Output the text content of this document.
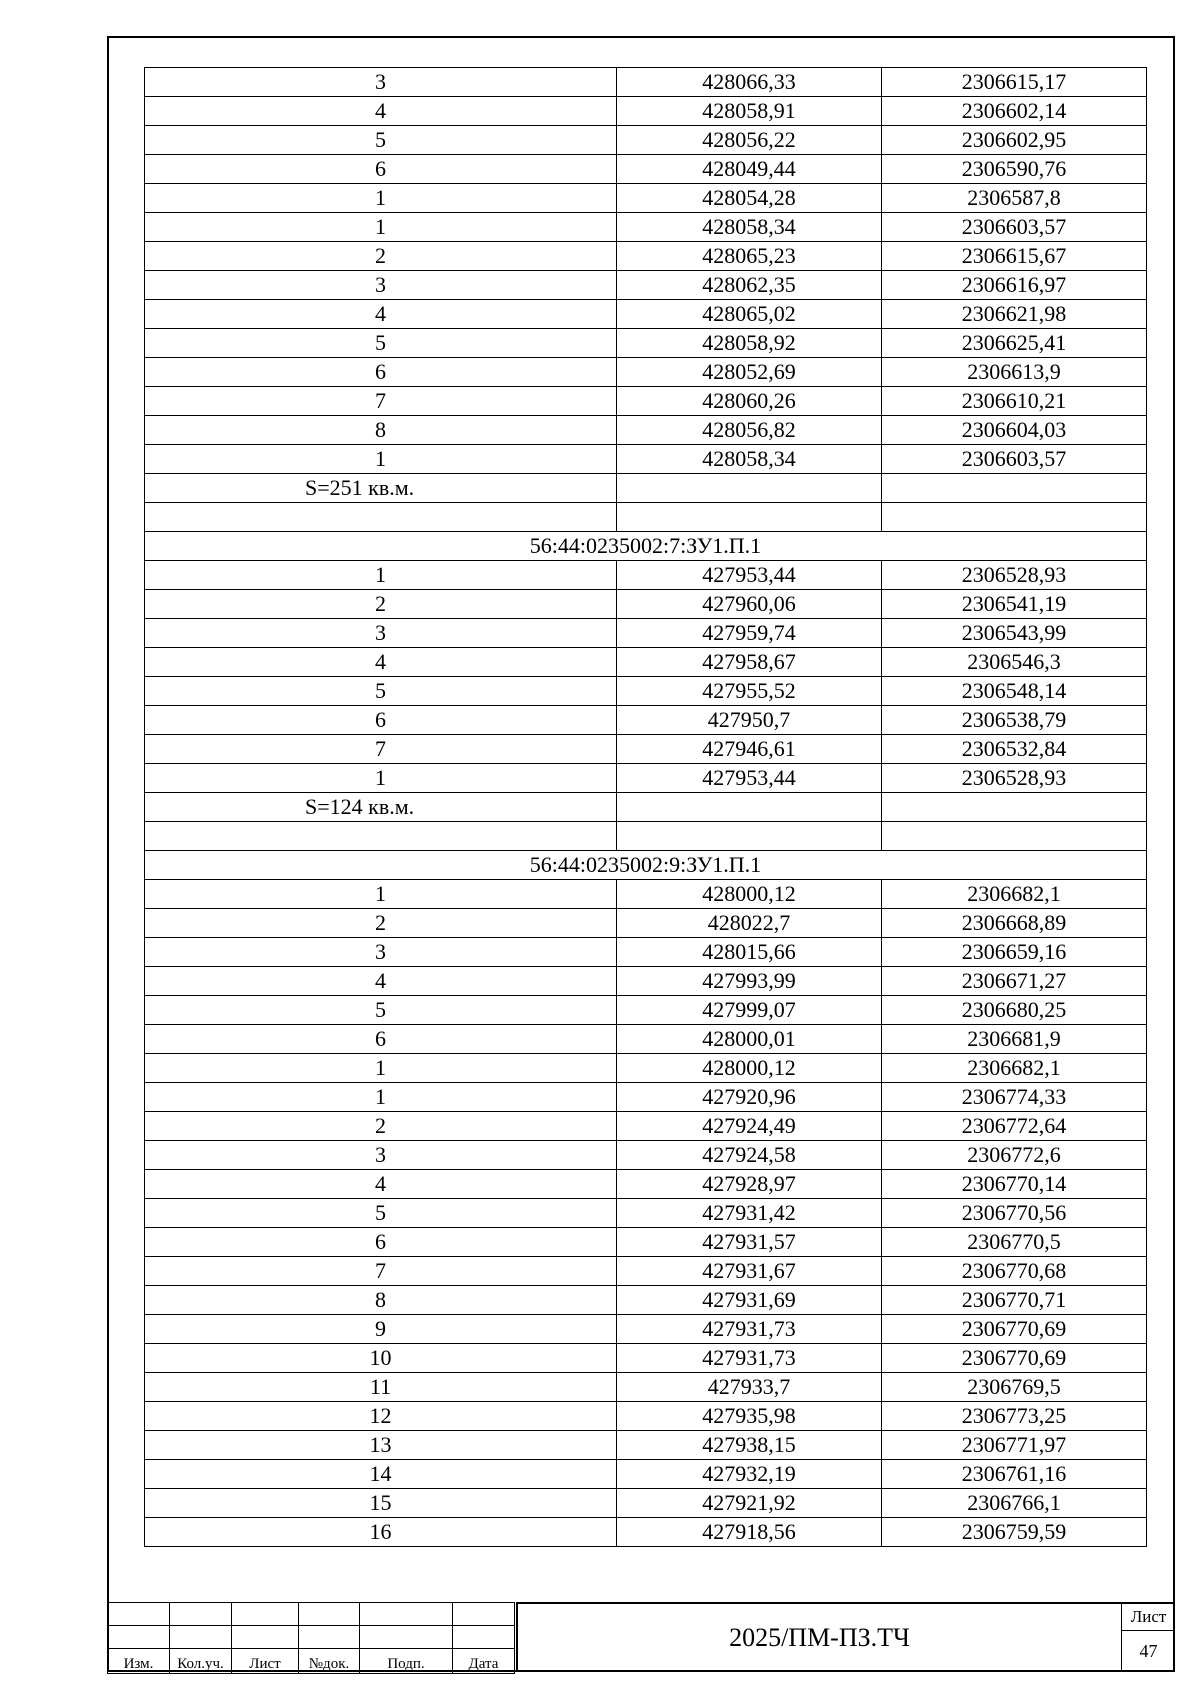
3	428066,33	2306615,17
4	428058,91	2306602,14
5	428056,22	2306602,95
6	428049,44	2306590,76
1	428054,28	2306587,8
1	428058,34	2306603,57
2	428065,23	2306615,67
3	428062,35	2306616,97
4	428065,02	2306621,98
5	428058,92	2306625,41
6	428052,69	2306613,9
7	428060,26	2306610,21
8	428056,82	2306604,03
1	428058,34	2306603,57
S=251 кв.м.		

56:44:0235002:7:ЗУ1.П.1		
1	427953,44	2306528,93
2	427960,06	2306541,19
3	427959,74	2306543,99
4	427958,67	2306546,3
5	427955,52	2306548,14
6	427950,7	2306538,79
7	427946,61	2306532,84
1	427953,44	2306528,93
S=124 кв.м.		

56:44:0235002:9:ЗУ1.П.1		
1	428000,12	2306682,1
2	428022,7	2306668,89
3	428015,66	2306659,16
4	427993,99	2306671,27
5	427999,07	2306680,25
6	428000,01	2306681,9
1	428000,12	2306682,1
1	427920,96	2306774,33
2	427924,49	2306772,64
3	427924,58	2306772,6
4	427928,97	2306770,14
5	427931,42	2306770,56
6	427931,57	2306770,5
7	427931,67	2306770,68
8	427931,69	2306770,71
9	427931,73	2306770,69
10	427931,73	2306770,69
11	427933,7	2306769,5
12	427935,98	2306773,25
13	427938,15	2306771,97
14	427932,19	2306761,16
15	427921,92	2306766,1
16	427918,56	2306759,59

Изм.	Кол.уч.	Лист	№док.	Подп.	Дата
2025/ПМ-ПЗ.ТЧ
Лист
47
